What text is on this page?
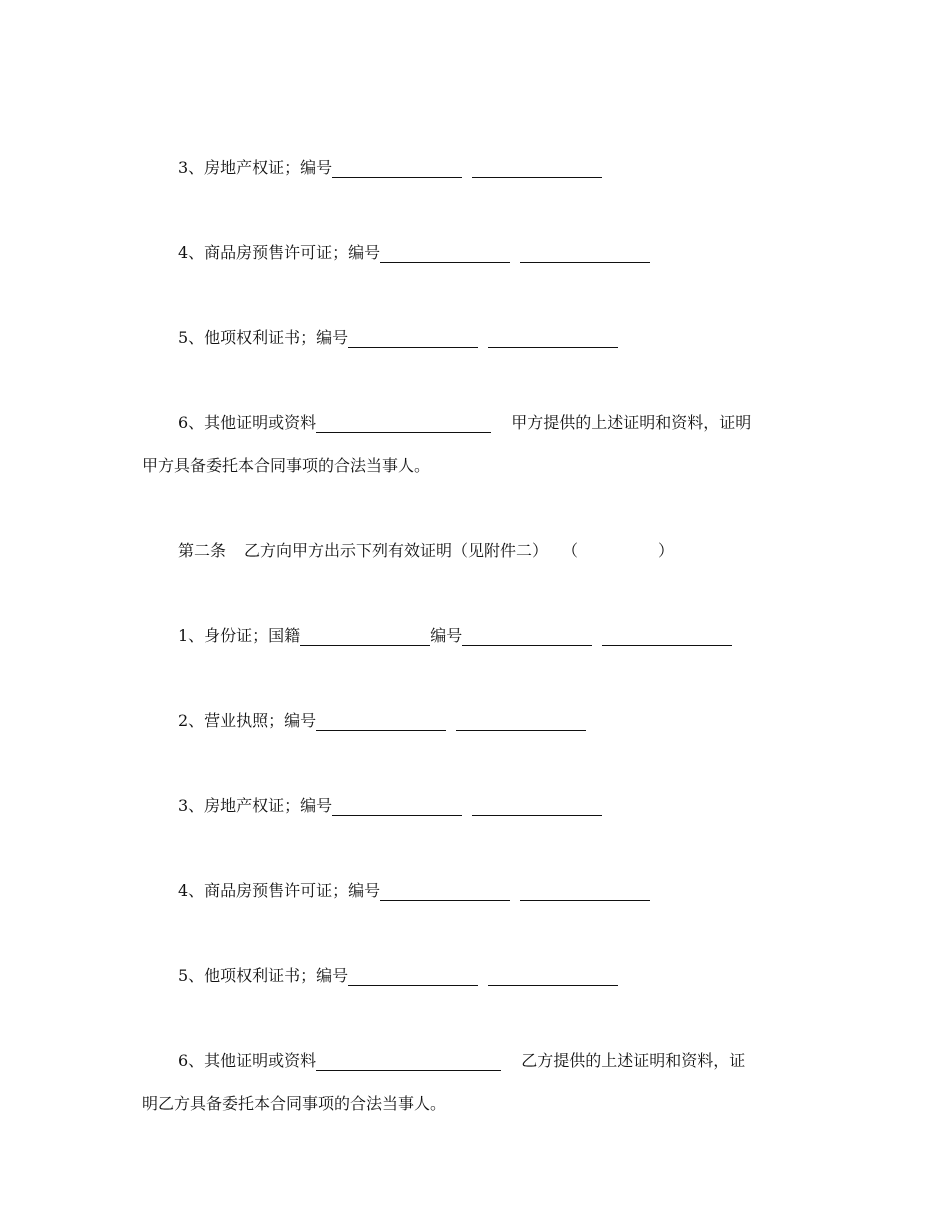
3、房地产权证；编号
4、商品房预售许可证；编号
5、他项权利证书；编号
6、其他证明或资料	甲方提供的上述证明和资料，证明
甲方具备委托本合同事项的合法当事人。
第二条 乙方向甲方出示下列有效证明（见附件二） （	）
1、身份证；国籍	编号
2、营业执照；编号
3、房地产权证；编号
4、商品房预售许可证；编号
5、他项权利证书；编号
6、其他证明或资料	乙方提供的上述证明和资料，证
明乙方具备委托本合同事项的合法当事人。
